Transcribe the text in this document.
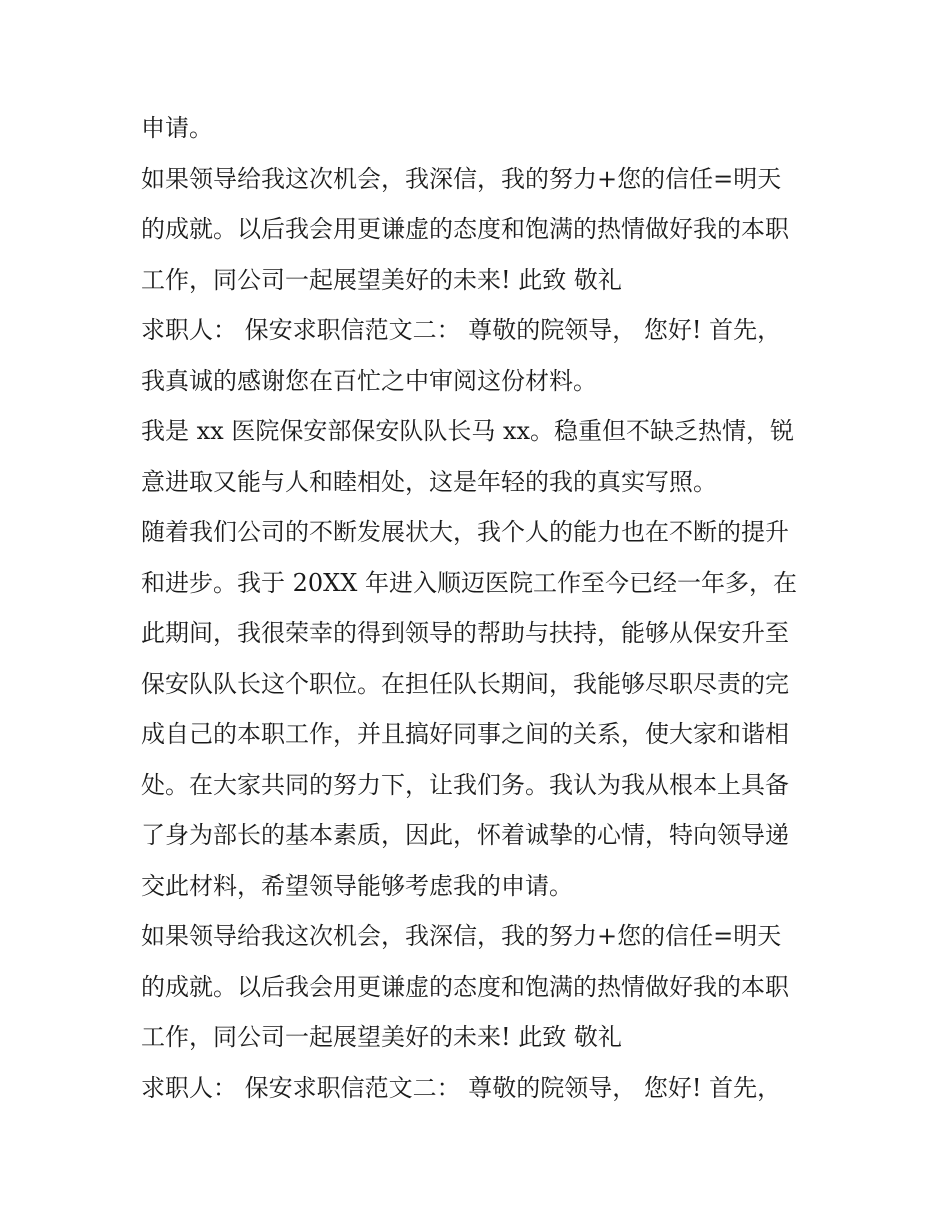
申请。
如果领导给我这次机会，我深信，我的努力+您的信任=明天
的成就。以后我会用更谦虚的态度和饱满的热情做好我的本职
工作，同公司一起展望美好的未来! 此致 敬礼
求职人： 保安求职信范文二： 尊敬的院领导， 您好! 首先，
我真诚的感谢您在百忙之中审阅这份材料。
我是 xx 医院保安部保安队队长马 xx。稳重但不缺乏热情，锐
意进取又能与人和睦相处，这是年轻的我的真实写照。
随着我们公司的不断发展状大，我个人的能力也在不断的提升
和进步。我于 20XX 年进入顺迈医院工作至今已经一年多，在
此期间，我很荣幸的得到领导的帮助与扶持，能够从保安升至
保安队队长这个职位。在担任队长期间，我能够尽职尽责的完
成自己的本职工作，并且搞好同事之间的关系，使大家和谐相
处。在大家共同的努力下，让我们务。我认为我从根本上具备
了身为部长的基本素质，因此，怀着诚挚的心情，特向领导递
交此材料，希望领导能够考虑我的申请。
如果领导给我这次机会，我深信，我的努力+您的信任=明天
的成就。以后我会用更谦虚的态度和饱满的热情做好我的本职
工作，同公司一起展望美好的未来! 此致 敬礼
求职人： 保安求职信范文二： 尊敬的院领导， 您好! 首先，
